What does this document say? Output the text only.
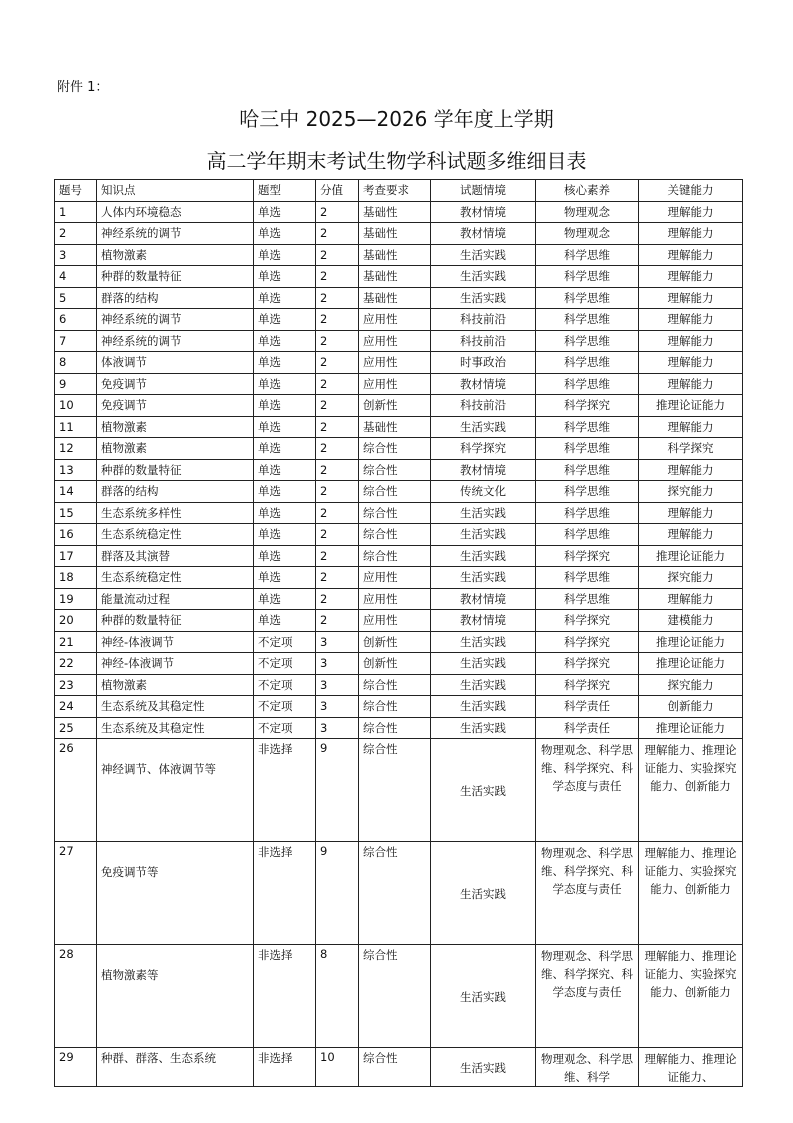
附件 1：
哈三中 2025—2026 学年度上学期
高二学年期末考试生物学科试题多维细目表
题号	知识点	题型	分值	考查要求	试题情境	核心素养	关键能力
1	人体内环境稳态	单选	2	基础性	教材情境	物理观念	理解能力
2	神经系统的调节	单选	2	基础性	教材情境	物理观念	理解能力
3	植物激素	单选	2	基础性	生活实践	科学思维	理解能力
4	种群的数量特征	单选	2	基础性	生活实践	科学思维	理解能力
5	群落的结构	单选	2	基础性	生活实践	科学思维	理解能力
6	神经系统的调节	单选	2	应用性	科技前沿	科学思维	理解能力
7	神经系统的调节	单选	2	应用性	科技前沿	科学思维	理解能力
8	体液调节	单选	2	应用性	时事政治	科学思维	理解能力
9	免疫调节	单选	2	应用性	教材情境	科学思维	理解能力
10	免疫调节	单选	2	创新性	科技前沿	科学探究	推理论证能力
11	植物激素	单选	2	基础性	生活实践	科学思维	理解能力
12	植物激素	单选	2	综合性	科学探究	科学思维	科学探究
13	种群的数量特征	单选	2	综合性	教材情境	科学思维	理解能力
14	群落的结构	单选	2	综合性	传统文化	科学思维	探究能力
15	生态系统多样性	单选	2	综合性	生活实践	科学思维	理解能力
16	生态系统稳定性	单选	2	综合性	生活实践	科学思维	理解能力
17	群落及其演替	单选	2	综合性	生活实践	科学探究	推理论证能力
18	生态系统稳定性	单选	2	应用性	生活实践	科学思维	探究能力
19	能量流动过程	单选	2	应用性	教材情境	科学思维	理解能力
20	种群的数量特征	单选	2	应用性	教材情境	科学探究	建模能力
21	神经-体液调节	不定项	3	创新性	生活实践	科学探究	推理论证能力
22	神经-体液调节	不定项	3	创新性	生活实践	科学探究	推理论证能力
23	植物激素	不定项	3	综合性	生活实践	科学探究	探究能力
24	生态系统及其稳定性	不定项	3	综合性	生活实践	科学责任	创新能力
25	生态系统及其稳定性	不定项	3	综合性	生活实践	科学责任	推理论证能力
26	神经调节、体液调节等	非选择	9	综合性	生活实践	物理观念、科学思维、科学探究、科学态度与责任	理解能力、推理论证能力、实验探究能力、创新能力
27	免疫调节等	非选择	9	综合性	生活实践	物理观念、科学思维、科学探究、科学态度与责任	理解能力、推理论证能力、实验探究能力、创新能力
28	植物激素等	非选择	8	综合性	生活实践	物理观念、科学思维、科学探究、科学态度与责任	理解能力、推理论证能力、实验探究能力、创新能力
29	种群、群落、生态系统	非选择	10	综合性	生活实践	物理观念、科学思维、科学	理解能力、推理论证能力、
